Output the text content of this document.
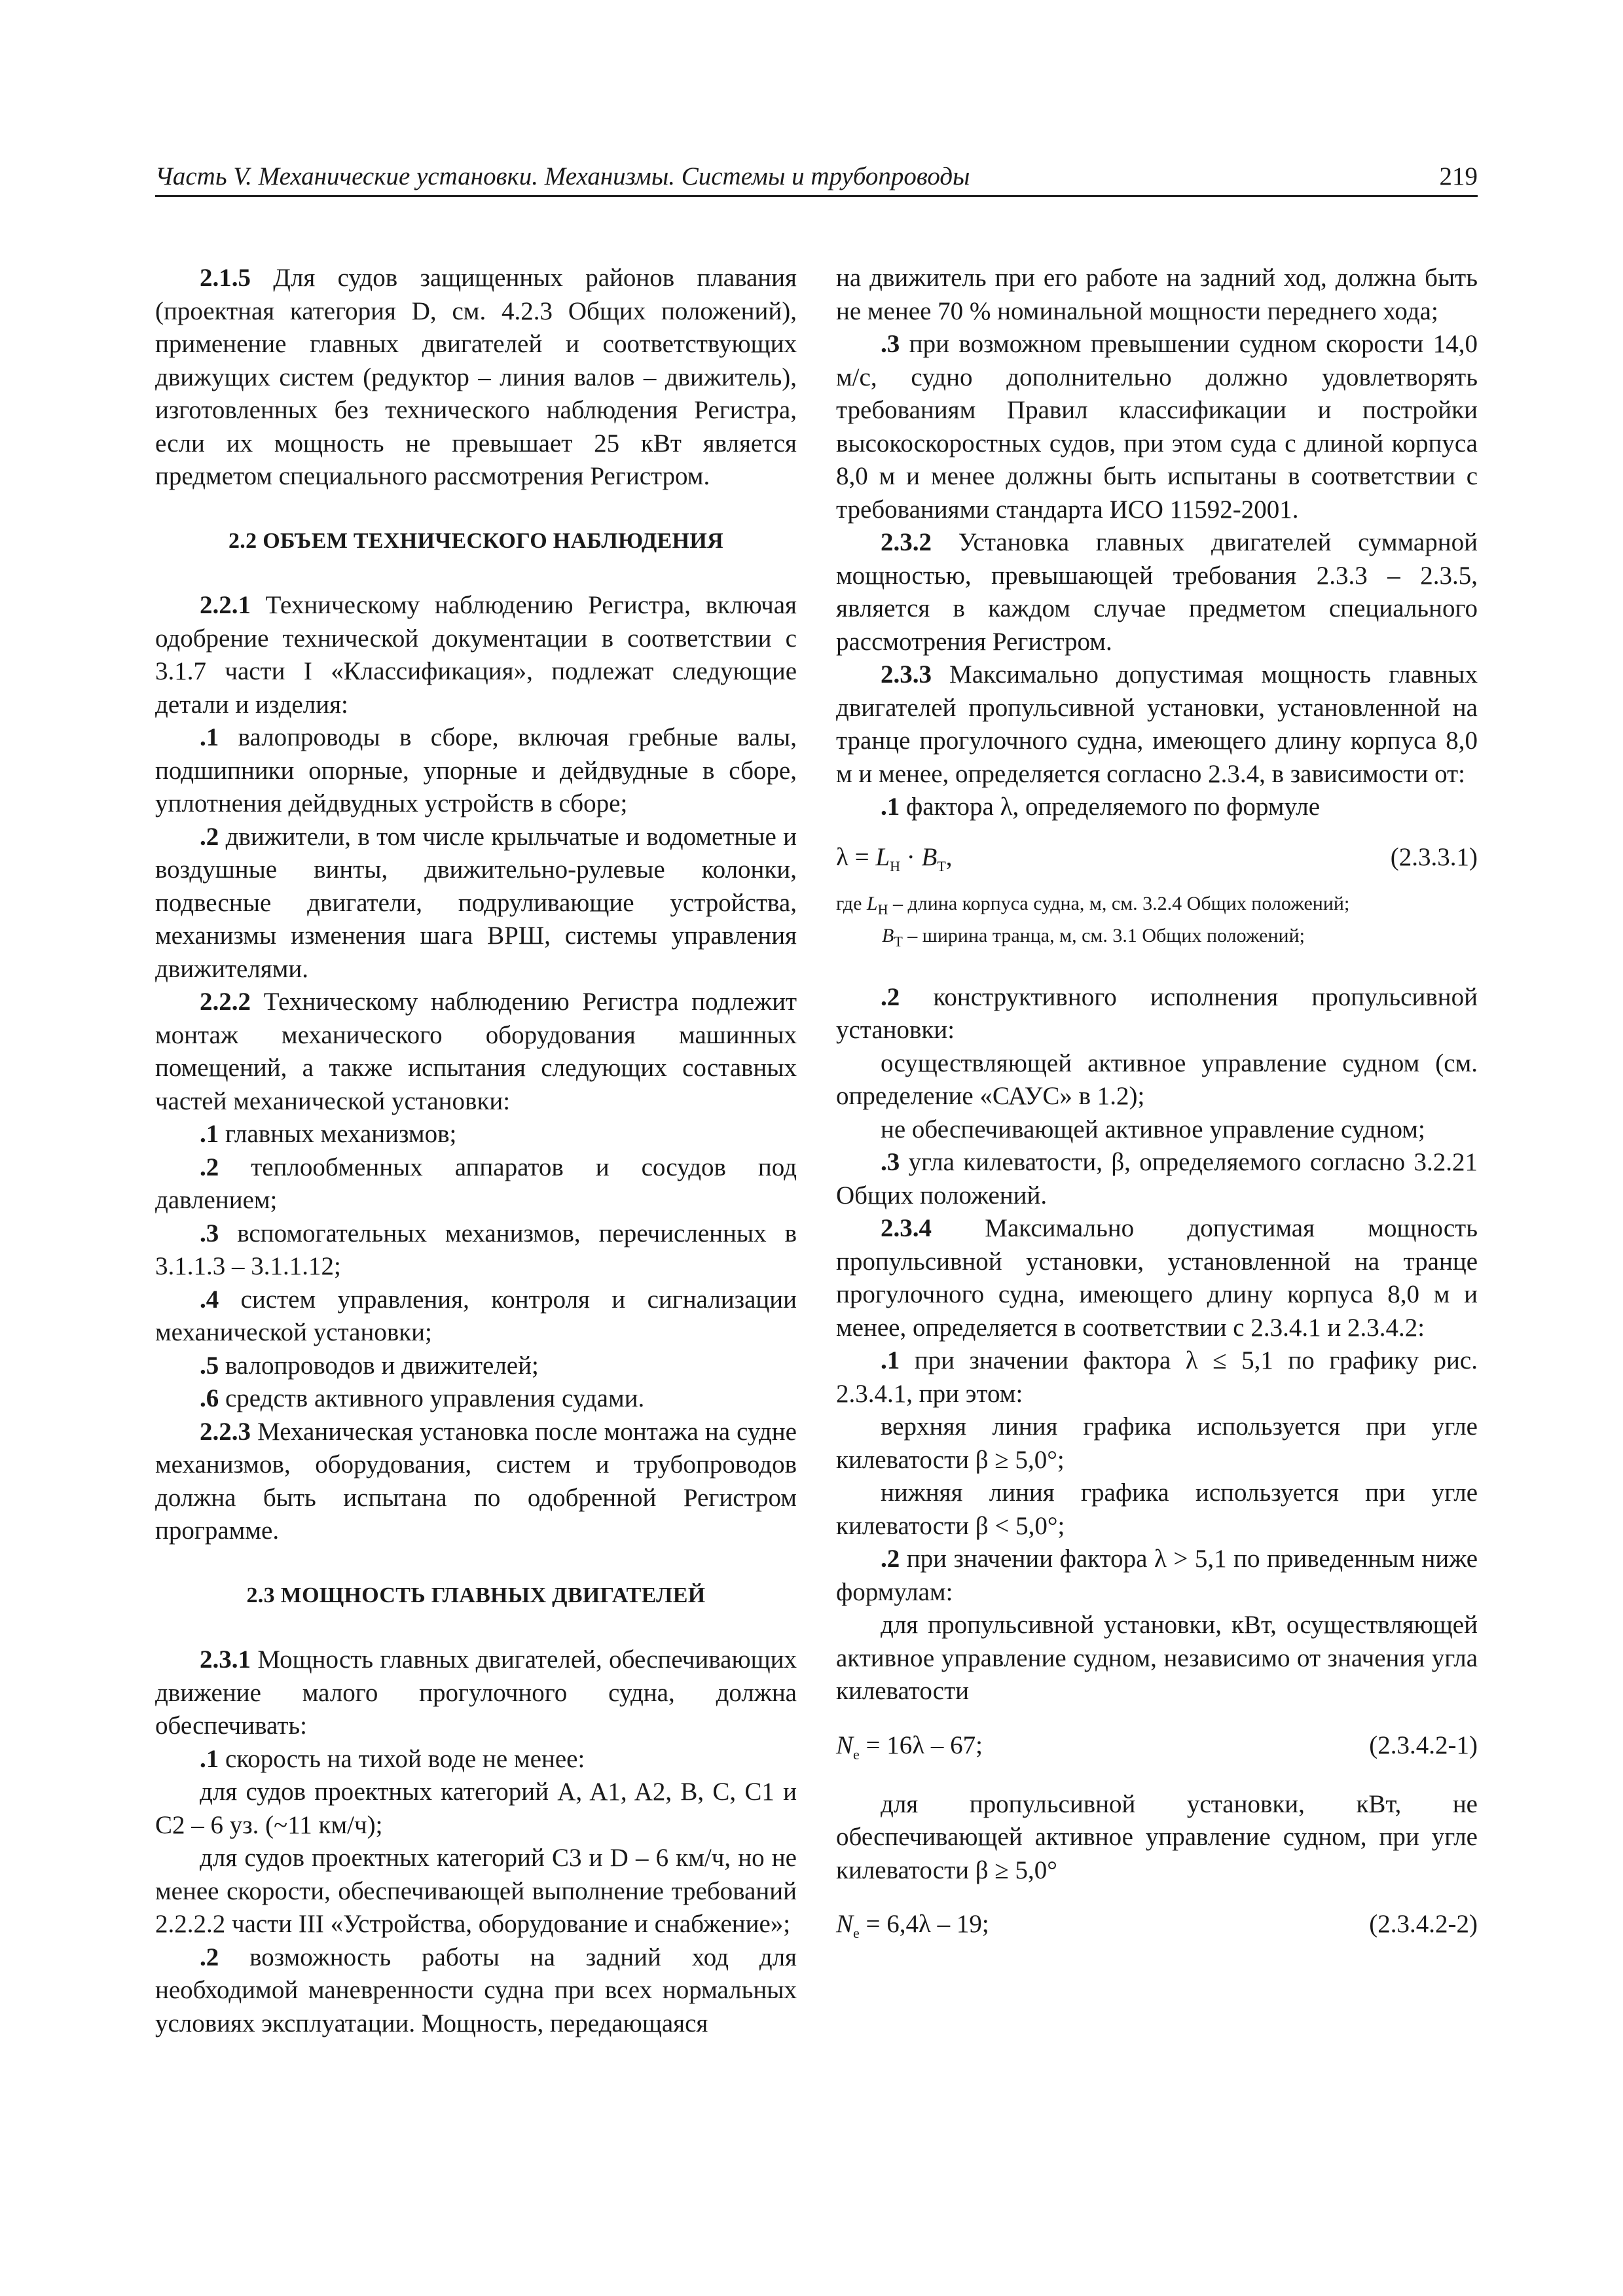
Часть V. Механические установки. Механизмы. Системы и трубопроводы	219

2.1.5 Для судов защищенных районов плавания (проектная категория D, см. 4.2.3 Общих положений), применение главных двигателей и соответствующих движущих систем (редуктор – линия валов – движитель), изготовленных без технического наблюдения Регистра, если их мощность не превышает 25 кВт является предметом специального рассмотрения Регистром.

2.2 ОБЪЕМ ТЕХНИЧЕСКОГО НАБЛЮДЕНИЯ

2.2.1 Техническому наблюдению Регистра, включая одобрение технической документации в соответствии с 3.1.7 части I «Классификация», подлежат следующие детали и изделия:

.1 валопроводы в сборе, включая гребные валы, подшипники опорные, упорные и дейдвудные в сборе, уплотнения дейдвудных устройств в сборе;

.2 движители, в том числе крыльчатые и водометные и воздушные винты, движительно-рулевые колонки, подвесные двигатели, подруливающие устройства, механизмы изменения шага ВРШ, системы управления движителями.

2.2.2 Техническому наблюдению Регистра подлежит монтаж механического оборудования машинных помещений, а также испытания следующих составных частей механической установки:

.1 главных механизмов;

.2 теплообменных аппаратов и сосудов под давлением;

.3 вспомогательных механизмов, перечисленных в 3.1.1.3 – 3.1.1.12;

.4 систем управления, контроля и сигнализации механической установки;

.5 валопроводов и движителей;

.6 средств активного управления судами.

2.2.3 Механическая установка после монтажа на судне механизмов, оборудования, систем и трубопроводов должна быть испытана по одобренной Регистром программе.

2.3 МОЩНОСТЬ ГЛАВНЫХ ДВИГАТЕЛЕЙ

2.3.1 Мощность главных двигателей, обеспечивающих движение малого прогулочного судна, должна обеспечивать:

.1 скорость на тихой воде не менее:

для судов проектных категорий A, A1, A2, B, C, C1 и C2 – 6 уз. (~11 км/ч);

для судов проектных категорий C3 и D – 6 км/ч, но не менее скорости, обеспечивающей выполнение требований 2.2.2.2 части III «Устройства, оборудование и снабжение»;

.2 возможность работы на задний ход для необходимой маневренности судна при всех нормальных условиях эксплуатации. Мощность, передающаяся

на движитель при его работе на задний ход, должна быть не менее 70 % номинальной мощности переднего хода;

.3 при возможном превышении судном скорости 14,0 м/с, судно дополнительно должно удовлетворять требованиям Правил классификации и постройки высокоскоростных судов, при этом суда с длиной корпуса 8,0 м и менее должны быть испытаны в соответствии с требованиями стандарта ИСО 11592-2001.

2.3.2 Установка главных двигателей суммарной мощностью, превышающей требования 2.3.3 – 2.3.5, является в каждом случае предметом специального рассмотрения Регистром.

2.3.3 Максимально допустимая мощность главных двигателей пропульсивной установки, установленной на транце прогулочного судна, имеющего длину корпуса 8,0 м и менее, определяется согласно 2.3.4, в зависимости от:

.1 фактора λ, определяемого по формуле

$\lambda = L_H \cdot B_T$,	(2.3.3.1)
где $L_H$ – длина корпуса судна, м, см. 3.2.4 Общих положений;
$B_T$ – ширина транца, м, см. 3.1 Общих положений;

.2 конструктивного исполнения пропульсивной установки:

осуществляющей активное управление судном (см. определение «САУС» в 1.2);

не обеспечивающей активное управление судном;

.3 угла килеватости, β, определяемого согласно 3.2.21 Общих положений.

2.3.4 Максимально допустимая мощность пропульсивной установки, установленной на транце прогулочного судна, имеющего длину корпуса 8,0 м и менее, определяется в соответствии с 2.3.4.1 и 2.3.4.2:

.1 при значении фактора λ ≤ 5,1 по графику рис. 2.3.4.1, при этом:

верхняя линия графика используется при угле килеватости β ≥ 5,0°;

нижняя линия графика используется при угле килеватости β < 5,0°;

.2 при значении фактора λ > 5,1 по приведенным ниже формулам:

для пропульсивной установки, кВт, осуществляющей активное управление судном, независимо от значения угла килеватости

$N_e = 16\lambda - 67$;	(2.3.4.2-1)

для пропульсивной установки, кВт, не обеспечивающей активное управление судном, при угле килеватости β ≥ 5,0°

$N_e = 6,4\lambda - 19$;	(2.3.4.2-2)
